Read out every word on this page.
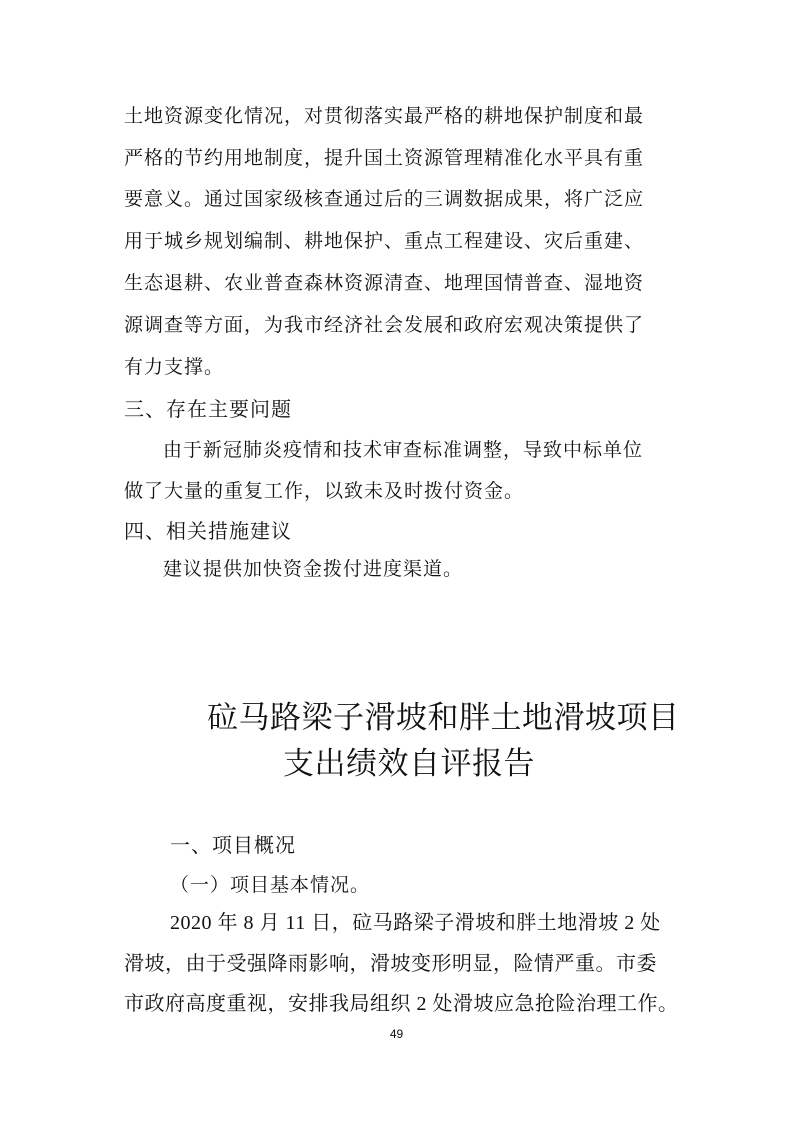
土地资源变化情况，对贯彻落实最严格的耕地保护制度和最
严格的节约用地制度，提升国土资源管理精准化水平具有重
要意义。通过国家级核查通过后的三调数据成果，将广泛应
用于城乡规划编制、耕地保护、重点工程建设、灾后重建、
生态退耕、农业普查森林资源清查、地理国情普查、湿地资
源调查等方面，为我市经济社会发展和政府宏观决策提供了
有力支撑。
三、存在主要问题
由于新冠肺炎疫情和技术审查标准调整，导致中标单位
做了大量的重复工作，以致未及时拨付资金。
四、相关措施建议
建议提供加快资金拨付进度渠道。
砬马路梁子滑坡和胖土地滑坡项目
支出绩效自评报告
一、项目概况
（一）项目基本情况。
2020 年 8 月 11 日，砬马路梁子滑坡和胖土地滑坡 2 处
滑坡，由于受强降雨影响，滑坡变形明显，险情严重。市委
市政府高度重视，安排我局组织 2 处滑坡应急抢险治理工作。
49
